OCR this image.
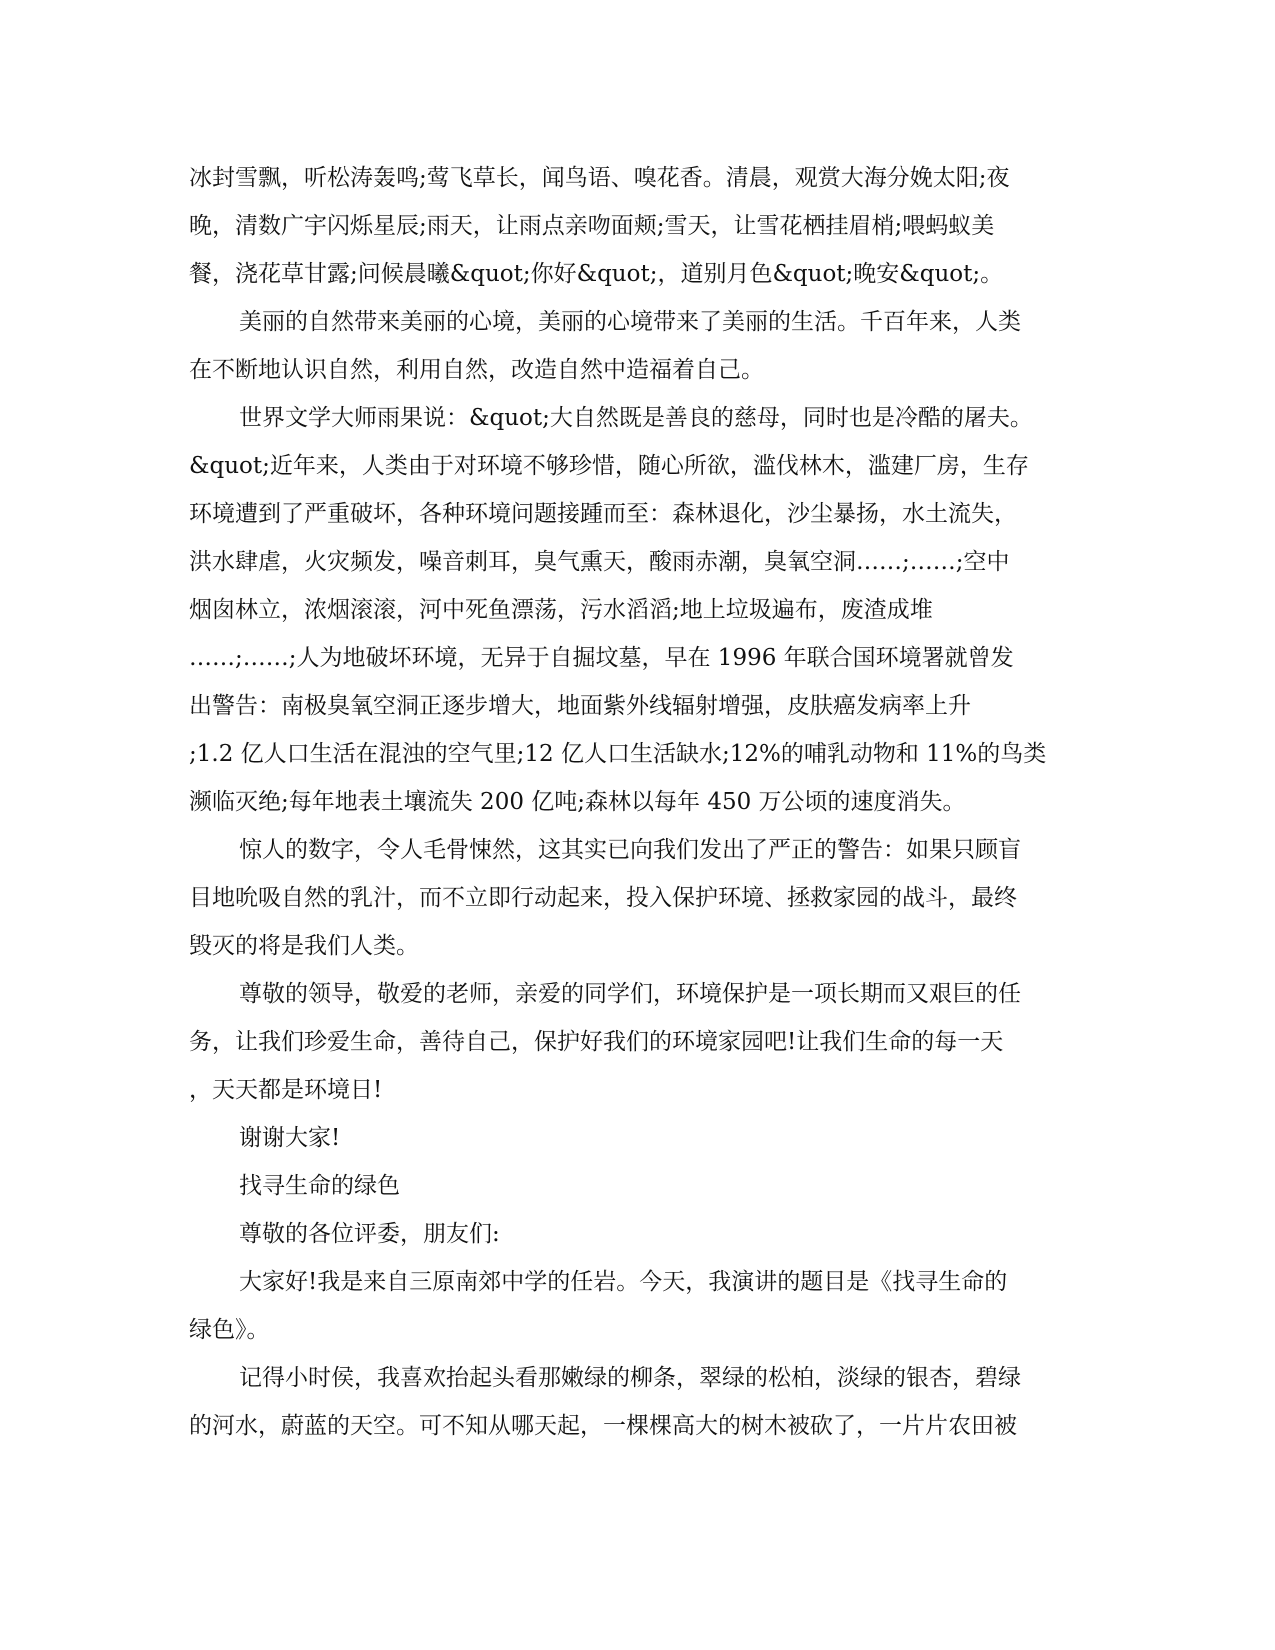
冰封雪飘，听松涛轰鸣;莺飞草长，闻鸟语、嗅花香。清晨，观赏大海分娩太阳;夜
晚，清数广宇闪烁星辰;雨天，让雨点亲吻面颊;雪天，让雪花栖挂眉梢;喂蚂蚁美
餐，浇花草甘露;问候晨曦&quot;你好&quot;，道别月色&quot;晚安&quot;。
美丽的自然带来美丽的心境，美丽的心境带来了美丽的生活。千百年来，人类
在不断地认识自然，利用自然，改造自然中造福着自己。
世界文学大师雨果说：&quot;大自然既是善良的慈母，同时也是冷酷的屠夫。
&quot;近年来，人类由于对环境不够珍惜，随心所欲，滥伐林木，滥建厂房，生存
环境遭到了严重破坏，各种环境问题接踵而至：森林退化，沙尘暴扬，水土流失，
洪水肆虐，火灾频发，噪音刺耳，臭气熏天，酸雨赤潮，臭氧空洞……;……;空中
烟囱林立，浓烟滚滚，河中死鱼漂荡，污水滔滔;地上垃圾遍布，废渣成堆
……;……;人为地破坏环境，无异于自掘坟墓，早在 1996 年联合国环境署就曾发
出警告：南极臭氧空洞正逐步增大，地面紫外线辐射增强，皮肤癌发病率上升
;1.2 亿人口生活在混浊的空气里;12 亿人口生活缺水;12%的哺乳动物和 11%的鸟类
濒临灭绝;每年地表土壤流失 200 亿吨;森林以每年 450 万公顷的速度消失。
惊人的数字，令人毛骨悚然，这其实已向我们发出了严正的警告：如果只顾盲
目地吮吸自然的乳汁，而不立即行动起来，投入保护环境、拯救家园的战斗，最终
毁灭的将是我们人类。
尊敬的领导，敬爱的老师，亲爱的同学们，环境保护是一项长期而又艰巨的任
务，让我们珍爱生命，善待自己，保护好我们的环境家园吧!让我们生命的每一天
，天天都是环境日!
谢谢大家!
找寻生命的绿色
尊敬的各位评委，朋友们:
大家好!我是来自三原南郊中学的任岩。今天，我演讲的题目是《找寻生命的
绿色》。
记得小时侯，我喜欢抬起头看那嫩绿的柳条，翠绿的松柏，淡绿的银杏，碧绿
的河水，蔚蓝的天空。可不知从哪天起，一棵棵高大的树木被砍了，一片片农田被
